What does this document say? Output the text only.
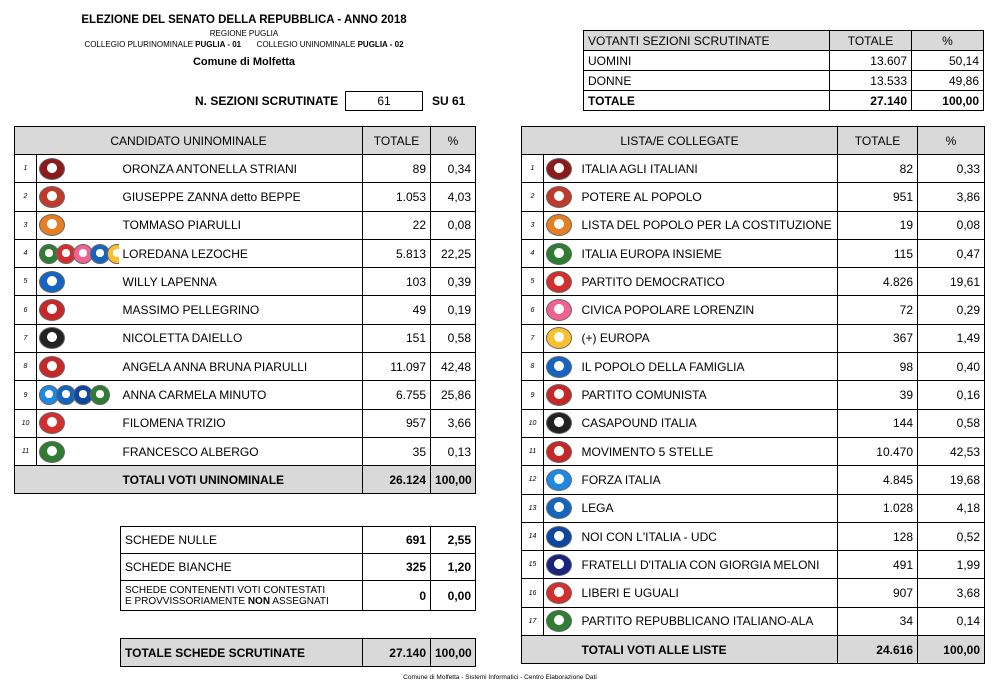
ELEZIONE DEL SENATO DELLA REPUBBLICA - ANNO 2018
REGIONE PUGLIA
COLLEGIO PLURINOMINALE PUGLIA - 01 COLLEGIO UNINOMINALE PUGLIA - 02
Comune di Molfetta
N. SEZIONI SCRUTINATE	61	SU 61
VOTANTI SEZIONI SCRUTINATE	TOTALE	%
UOMINI	13.607	50,14
DONNE	13.533	49,86
TOTALE	27.140	100,00
CANDIDATO UNINOMINALE			TOTALE	%
1		ORONZA ANTONELLA STRIANI	89	0,34
2		GIUSEPPE ZANNA detto BEPPE	1.053	4,03
3		TOMMASO PIARULLI	22	0,08
4		LOREDANA LEZOCHE	5.813	22,25
5		WILLY LAPENNA	103	0,39
6		MASSIMO PELLEGRINO	49	0,19
7		NICOLETTA DAIELLO	151	0,58
8		ANGELA ANNA BRUNA PIARULLI	11.097	42,48
9		ANNA CARMELA MINUTO	6.755	25,86
10		FILOMENA TRIZIO	957	3,66
11		FRANCESCO ALBERGO	35	0,13
		TOTALI VOTI UNINOMINALE	26.124	100,00
SCHEDE NULLE	691	2,55
SCHEDE BIANCHE	325	1,20

SCHEDE CONTENENTI VOTI CONTESTATI
E PROVVISSORIAMENTE NON ASSEGNATI	0	0,00
TOTALE SCHEDE SCRUTINATE	27.140	100,00
LISTA/E COLLEGATE			TOTALE	%
1		ITALIA AGLI ITALIANI	82	0,33
2		POTERE AL POPOLO	951	3,86
3		LISTA DEL POPOLO PER LA COSTITUZIONE	19	0,08
4		ITALIA EUROPA INSIEME	115	0,47
5		PARTITO DEMOCRATICO	4.826	19,61
6		CIVICA POPOLARE LORENZIN	72	0,29
7		(+) EUROPA	367	1,49
8		IL POPOLO DELLA FAMIGLIA	98	0,40
9		PARTITO COMUNISTA	39	0,16
10		CASAPOUND ITALIA	144	0,58
11		MOVIMENTO 5 STELLE	10.470	42,53
12		FORZA ITALIA	4.845	19,68
13		LEGA	1.028	4,18
14		NOI CON L'ITALIA - UDC	128	0,52
15		FRATELLI D'ITALIA CON GIORGIA MELONI	491	1,99
16		LIBERI E UGUALI	907	3,68
17		PARTITO REPUBBLICANO ITALIANO-ALA	34	0,14
		TOTALI VOTI ALLE LISTE	24.616	100,00
Comune di Molfetta - Sistemi Informatici - Centro Elaborazione Dati
